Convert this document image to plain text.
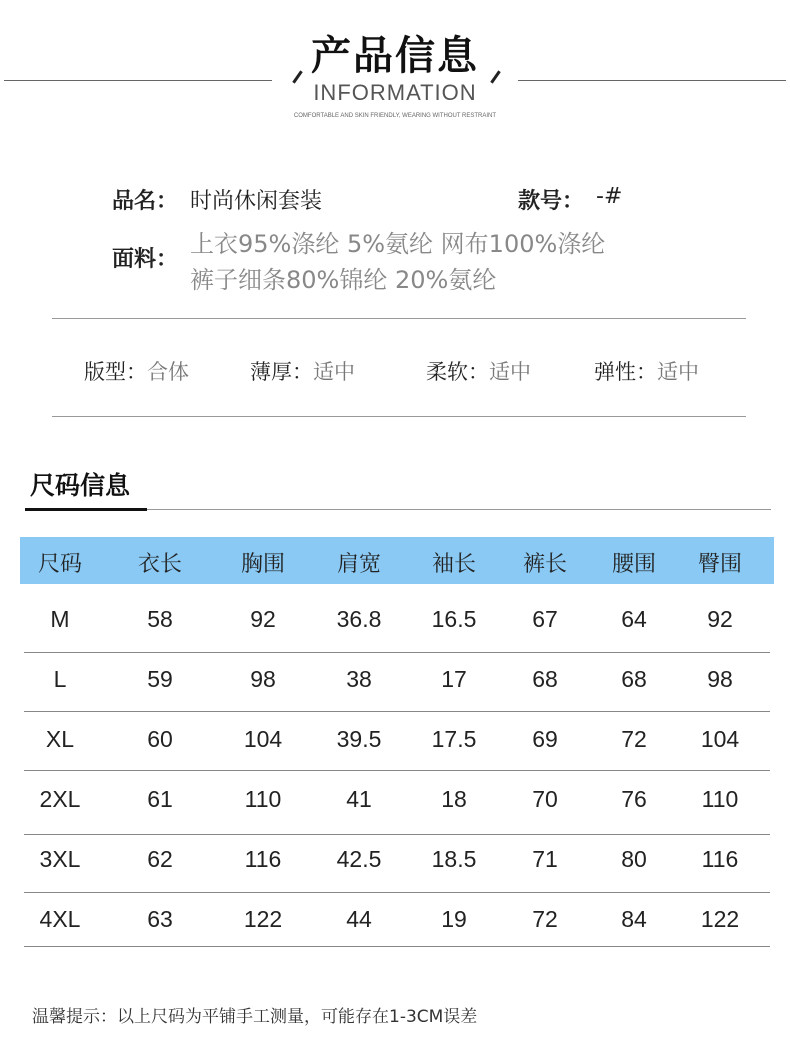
产品信息
INFORMATION
COMFORTABLE AND SKIN FRIENDLY, WEARING WITHOUT RESTRAINT
品名： 时尚休闲套装	款号： -#
面料：
上衣95%涤纶 5%氨纶 网布100%涤纶
裤子细条80%锦纶 20%氨纶
版型：合体	薄厚：适中	柔软：适中	弹性：适中
尺码信息
尺码	衣长	胸围	肩宽	袖长	裤长	腰围	臀围
M	58	92	36.8	16.5	67	64	92
L	59	98	38	17	68	68	98
XL	60	104	39.5	17.5	69	72	104
2XL	61	110	41	18	70	76	110
3XL	62	116	42.5	18.5	71	80	116
4XL	63	122	44	19	72	84	122
温馨提示：以上尺码为平铺手工测量，可能存在1-3CM误差
